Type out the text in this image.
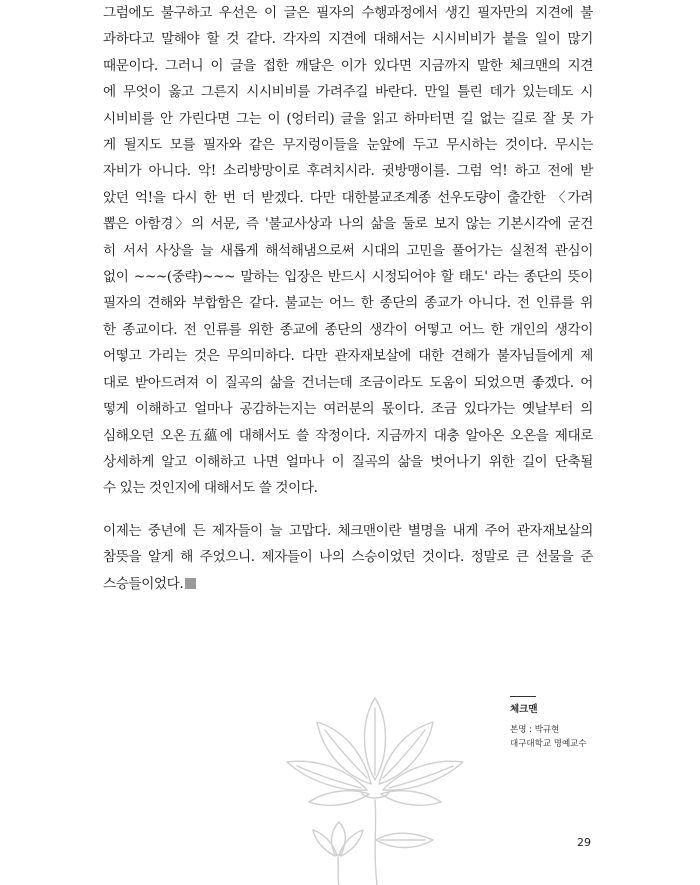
그럼에도 불구하고 우선은 이 글은 필자의 수행과정에서 생긴 필자만의 지견에 불
과하다고 말해야 할 것 같다. 각자의 지견에 대해서는 시시비비가 붙을 일이 많기
때문이다. 그러니 이 글을 접한 깨달은 이가 있다면 지금까지 말한 체크맨의 지견
에 무엇이 옳고 그른지 시시비비를 가려주길 바란다. 만일 틀린 데가 있는데도 시
시비비를 안 가린다면 그는 이 (엉터리) 글을 읽고 하마터면 길 없는 길로 잘 못 가
게 될지도 모를 필자와 같은 무지렁이들을 눈앞에 두고 무시하는 것이다. 무시는
자비가 아니다. 악! 소리방망이로 후려치시라. 귓방맹이를. 그럼 억! 하고 전에 받
았던 억!을 다시 한 번 더 받겠다. 다만 대한불교조계종 선우도량이 출간한 〈가려
뽑은 아함경〉의 서문, 즉 '불교사상과 나의 삶을 둘로 보지 않는 기본시각에 굳건
히 서서 사상을 늘 새롭게 해석해냄으로써 시대의 고민을 풀어가는 실천적 관심이
없이 ~~~(중략)~~~ 말하는 입장은 반드시 시정되어야 할 태도' 라는 종단의 뜻이
필자의 견해와 부합함은 같다. 불교는 어느 한 종단의 종교가 아니다. 전 인류를 위
한 종교이다. 전 인류를 위한 종교에 종단의 생각이 어떻고 어느 한 개인의 생각이
어떻고 가리는 것은 무의미하다. 다만 관자재보살에 대한 견해가 불자님들에게 제
대로 받아드려져 이 질곡의 삶을 건너는데 조금이라도 도움이 되었으면 좋겠다. 어
떻게 이해하고 얼마나 공감하는지는 여러분의 몫이다. 조금 있다가는 옛날부터 의
심해오던 오온五蘊에 대해서도 쓸 작정이다. 지금까지 대충 알아온 오온을 제대로
상세하게 알고 이해하고 나면 얼마나 이 질곡의 삶을 벗어나기 위한 길이 단축될
수 있는 것인지에 대해서도 쓸 것이다.
이제는 중년에 든 제자들이 늘 고맙다. 체크맨이란 별명을 내게 주어 관자재보살의
참뜻을 알게 해 주었으니. 제자들이 나의 스승이었던 것이다. 정말로 큰 선물을 준
스승들이었다.
체크맨
본명 : 박규현
대구대학교 명예교수
29
